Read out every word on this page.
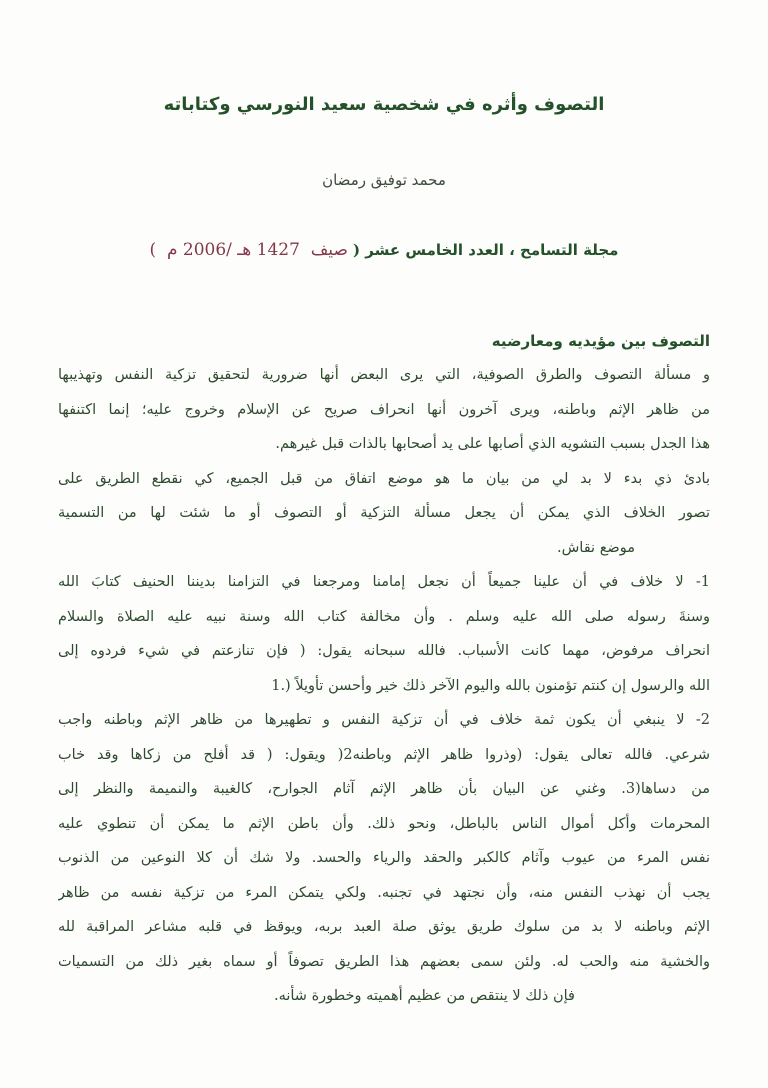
التصوف وأثره في شخصية سعيد النورسي وكتاباته
محمد توفيق رمضان
مجلة التسامح ، العدد الخامس عشر ( صيف  1427 هـ /2006 م  )
التصوف بين مؤيديه ومعارضيه
و مسألة التصوف والطرق الصوفية، التي يرى البعض أنها ضرورية لتحقيق تزكية النفس وتهذيبها
من ظاهر الإثم وباطنه، ويرى آخرون أنها انحراف صريح عن الإسلام وخروج عليه؛ إنما اكتنفها
هذا الجدل بسبب التشويه الذي أصابها على يد أصحابها بالذات قبل غيرهم.
بادئ ذي بدء لا بد لي من بيان ما هو موضع اتفاق من قبل الجميع، كي نقطع الطريق على
تصور الخلاف الذي يمكن أن يجعل مسألة التزكية أو التصوف أو ما شئت لها من التسمية
موضع نقاش.
1- لا خلاف في أن علينا جميعاً أن نجعل إمامنا ومرجعنا في التزامنا بديننا الحنيف كتابَ الله
وسنةَ رسوله صلى الله عليه وسلم . وأن مخالفة كتاب الله وسنة نبيه عليه الصلاة والسلام
انحراف مرفوض، مهما كانت الأسباب. فالله سبحانه يقول: ( فإن تنازعتم في شيء فردوه إلى
الله والرسول إن كنتم تؤمنون بالله واليوم الآخر ذلك خير وأحسن تأويلاً (.1
2- لا ينبغي أن يكون ثمة خلاف في أن تزكية النفس و تطهيرها من ظاهر الإثم وباطنه واجب
شرعي. فالله تعالى يقول: (وذروا ظاهر الإثم وباطنه2( ويقول: ( قد أفلح من زكاها وقد خاب
من دساها(3. وغني عن البيان بأن ظاهر الإثم آثام الجوارح، كالغيبة والنميمة والنظر إلى
المحرمات وأكل أموال الناس بالباطل، ونحو ذلك. وأن باطن الإثم ما يمكن أن تنطوي عليه
نفس المرء من عيوب وآثام كالكبر والحقد والرياء والحسد. ولا شك أن كلا النوعين من الذنوب
يجب أن نهذب النفس منه، وأن نجتهد في تجنبه. ولكي يتمكن المرء من تزكية نفسه من ظاهر
الإثم وباطنه لا بد من سلوك طريق يوثق صلة العبد بربه، ويوقظ في قلبه مشاعر المراقبة لله
والخشية منه والحب له. ولئن سمى بعضهم هذا الطريق تصوفاً أو سماه بغير ذلك من التسميات
فإن ذلك لا ينتقص من عظيم أهميته وخطورة شأنه.
